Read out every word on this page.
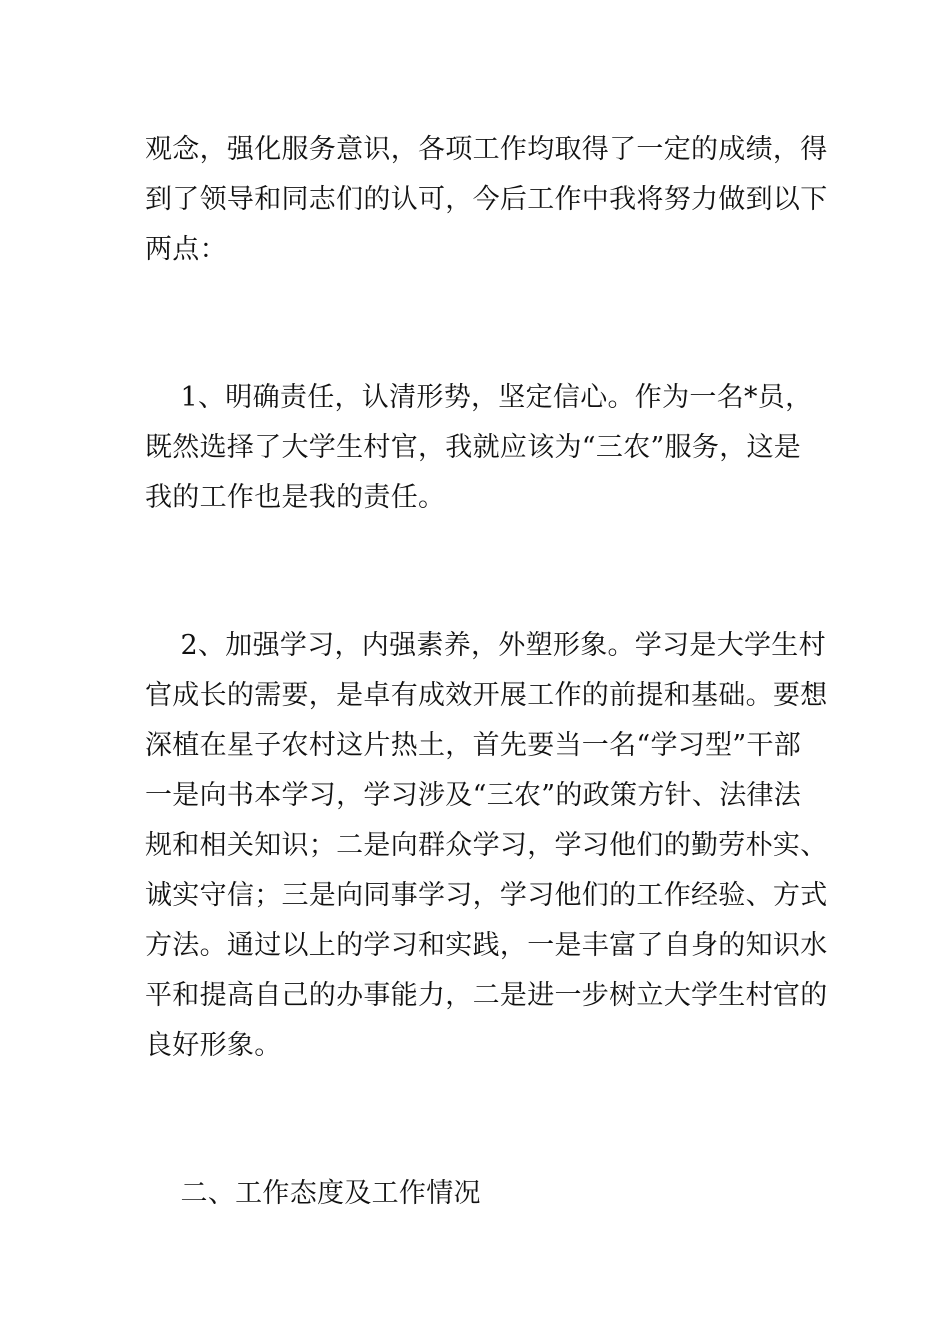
观念，强化服务意识，各项工作均取得了一定的成绩，得
到了领导和同志们的认可，今后工作中我将努力做到以下
两点：
1、明确责任，认清形势，坚定信心。作为一名*员，
既然选择了大学生村官，我就应该为“三农”服务，这是
我的工作也是我的责任。
2、加强学习，内强素养，外塑形象。学习是大学生村
官成长的需要，是卓有成效开展工作的前提和基础。要想
深植在星子农村这片热土，首先要当一名“学习型”干部
一是向书本学习，学习涉及“三农”的政策方针、法律法
规和相关知识；二是向群众学习，学习他们的勤劳朴实、
诚实守信；三是向同事学习，学习他们的工作经验、方式
方法。通过以上的学习和实践，一是丰富了自身的知识水
平和提高自己的办事能力，二是进一步树立大学生村官的
良好形象。
二、工作态度及工作情况
